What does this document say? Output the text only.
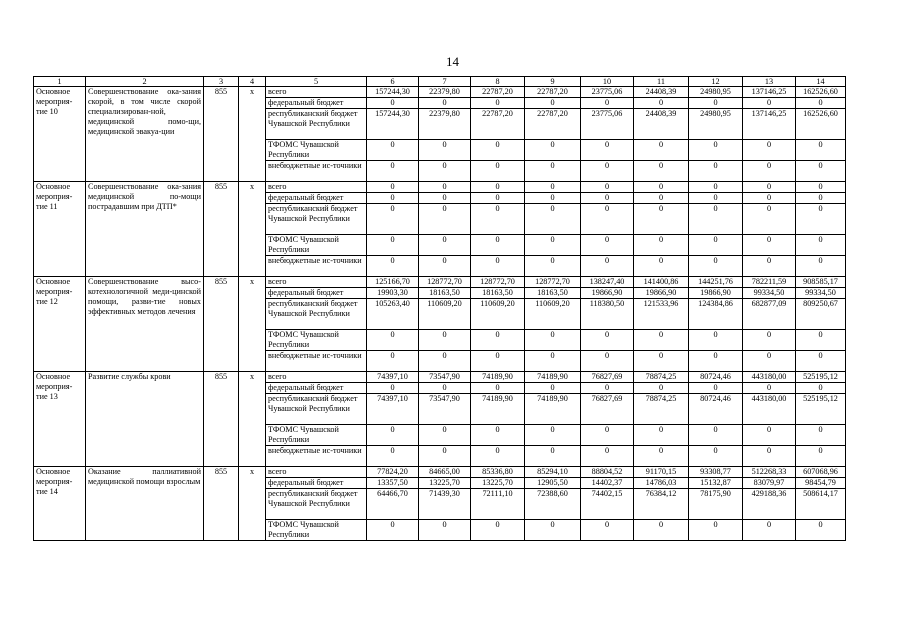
14
1	2	3	4	5	6	7	8	9	10	11	12	13	14
Основное мероприя-тие 10	Совершенствование ока-зания скорой, в том числе скорой специализирован-ной, медицинской помо-щи, медицинской эвакуа-ции	855	х	всего	157244,30	22379,80	22787,20	22787,20	23775,06	24408,39	24980,95	137146,25	162526,60
				федеральный бюджет	0	0	0	0	0	0	0	0	0
				республиканский бюджет Чувашской Республики	157244,30	22379,80	22787,20	22787,20	23775,06	24408,39	24980,95	137146,25	162526,60
				ТФОМС Чувашской Республики	0	0	0	0	0	0	0	0	0
				внебюджетные ис-точники	0	0	0	0	0	0	0	0	0
Основное мероприя-тие 11	Совершенствование ока-зания медицинской по-мощи пострадавшим при ДТП*	855	х	всего	0	0	0	0	0	0	0	0	0
				федеральный бюджет	0	0	0	0	0	0	0	0	0
				республиканский бюджет Чувашской Республики	0	0	0	0	0	0	0	0	0
				ТФОМС Чувашской Республики	0	0	0	0	0	0	0	0	0
				внебюджетные ис-точники	0	0	0	0	0	0	0	0	0
Основное мероприя-тие 12	Совершенствование высо-котехнологичной меди-цинской помощи, разви-тие новых эффективных методов лечения	855	х	всего	125166,70	128772,70	128772,70	128772,70	138247,40	141400,86	144251,76	782211,59	908585,17
				федеральный бюджет	19903,30	18163,50	18163,50	18163,50	19866,90	19866,90	19866,90	99334,50	99334,50
				республиканский бюджет Чувашской Республики	105263,40	110609,20	110609,20	110609,20	118380,50	121533,96	124384,86	682877,09	809250,67
				ТФОМС Чувашской Республики	0	0	0	0	0	0	0	0	0
				внебюджетные ис-точники	0	0	0	0	0	0	0	0	0
Основное мероприя-тие 13	Развитие службы крови	855	х	всего	74397,10	73547,90	74189,90	74189,90	76827,69	78874,25	80724,46	443180,00	525195,12
				федеральный бюджет	0	0	0	0	0	0	0	0	0
				республиканский бюджет Чувашской Республики	74397,10	73547,90	74189,90	74189,90	76827,69	78874,25	80724,46	443180,00	525195,12
				ТФОМС Чувашской Республики	0	0	0	0	0	0	0	0	0
				внебюджетные ис-точники	0	0	0	0	0	0	0	0	0
Основное мероприя-тие 14	Оказание паллиативной медицинской помощи взрослым	855	х	всего	77824,20	84665,00	85336,80	85294,10	88804,52	91170,15	93308,77	512268,33	607068,96
				федеральный бюджет	13357,50	13225,70	13225,70	12905,50	14402,37	14786,03	15132,87	83079,97	98454,79
				республиканский бюджет Чувашской Республики	64466,70	71439,30	72111,10	72388,60	74402,15	76384,12	78175,90	429188,36	508614,17
				ТФОМС Чувашской Республики	0	0	0	0	0	0	0	0	0
